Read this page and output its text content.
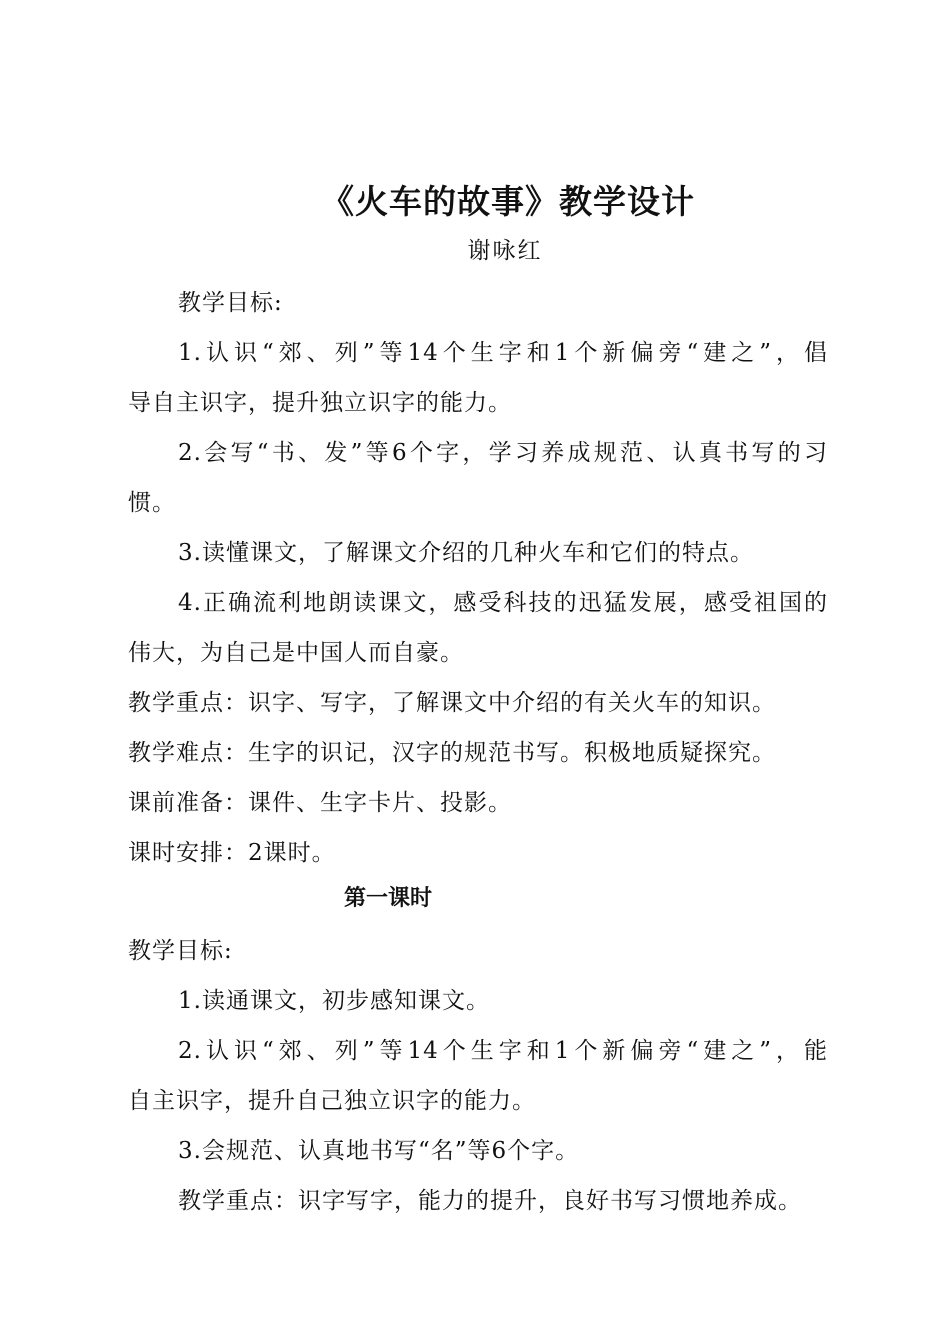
《火车的故事》教学设计
谢咏红
教学目标:
1.认识“郊、列”等14个生字和1个新偏旁“建之”，倡
导自主识字，提升独立识字的能力。
2.会写“书、发”等6个字，学习养成规范、认真书写的习
惯。
3.读懂课文，了解课文介绍的几种火车和它们的特点。
4.正确流利地朗读课文，感受科技的迅猛发展，感受祖国的
伟大，为自己是中国人而自豪。
教学重点：识字、写字，了解课文中介绍的有关火车的知识。
教学难点：生字的识记，汉字的规范书写。积极地质疑探究。
课前准备：课件、生字卡片、投影。
课时安排：2课时。
第一课时
教学目标:
1.读通课文，初步感知课文。
2.认识“郊、列”等14个生字和1个新偏旁“建之”，能
自主识字，提升自己独立识字的能力。
3.会规范、认真地书写“名”等6个字。
教学重点：识字写字，能力的提升，良好书写习惯地养成。
